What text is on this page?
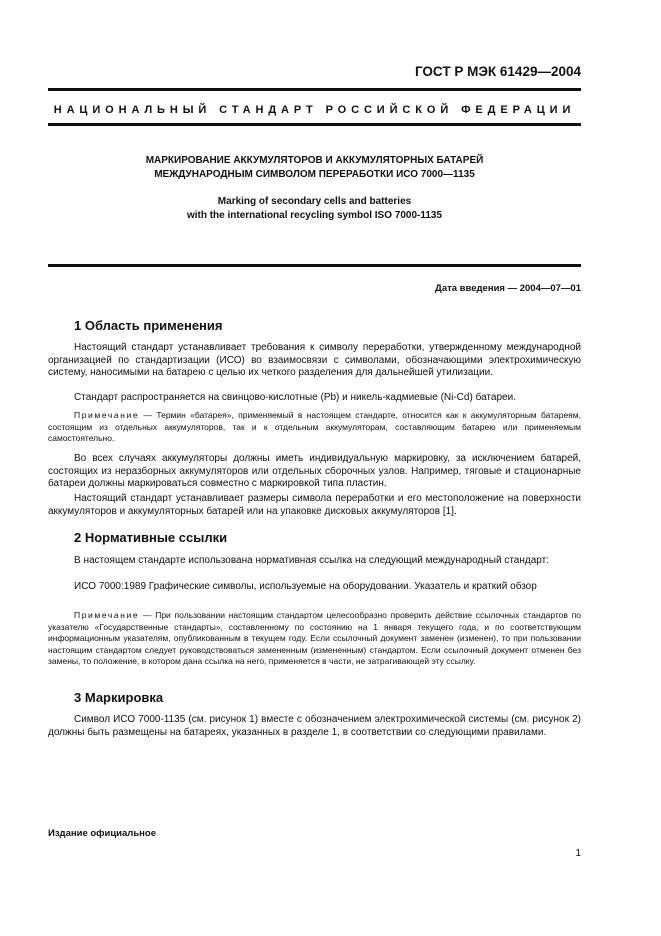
ГОСТ Р МЭК 61429—2004
НАЦИОНАЛЬНЫЙ СТАНДАРТ РОССИЙСКОЙ ФЕДЕРАЦИИ
МАРКИРОВАНИЕ АККУМУЛЯТОРОВ И АККУМУЛЯТОРНЫХ БАТАРЕЙ
МЕЖДУНАРОДНЫМ СИМВОЛОМ ПЕРЕРАБОТКИ ИСО 7000—1135
Marking of secondary cells and batteries
with the international recycling symbol ISO 7000-1135
Дата введения — 2004—07—01
1 Область применения

Настоящий стандарт устанавливает требования к символу переработки, утвержденному международной организацией по стандартизации (ИСО) во взаимосвязи с символами, обозначающими электрохимическую систему, наносимыми на батарею с целью их четкого разделения для дальнейшей утилизации.

Стандарт распространяется на свинцово-кислотные (Pb) и никель-кадмиевые (Ni-Cd) батареи.

Примечание — Термин «батарея», применяемый в настоящем стандарте, относится как к аккумуляторным батареям, состоящим из отдельных аккумуляторов, так и к отдельным аккумуляторам, составляющим батарею или применяемым самостоятельно.

Во всех случаях аккумуляторы должны иметь индивидуальную маркировку, за исключением батарей, состоящих из неразборных аккумуляторов или отдельных сборочных узлов. Например, тяговые и стационарные батареи должны маркироваться совместно с маркировкой типа пластин.

Настоящий стандарт устанавливает размеры символа переработки и его местоположение на поверхности аккумуляторов и аккумуляторных батарей или на упаковке дисковых аккумуляторов [1].

2 Нормативные ссылки

В настоящем стандарте использована нормативная ссылка на следующий международный стандарт:

ИСО 7000:1989 Графические символы, используемые на оборудовании. Указатель и краткий обзор

Примечание — При пользовании настоящим стандартом целесообразно проверить действие ссылочных стандартов по указателю «Государственные стандарты», составленному по состоянию на 1 января текущего года, и по соответствующим информационным указателям, опубликованным в текущем году. Если ссылочный документ заменен (изменен), то при пользовании настоящим стандартом следует руководствоваться замененным (измененным) стандартом. Если ссылочный документ отменен без замены, то положение, в котором дана ссылка на него, применяется в части, не затрагивающей эту ссылку.

3 Маркировка

Символ ИСО 7000-1135 (см. рисунок 1) вместе с обозначением электрохимической системы (см. рисунок 2) должны быть размещены на батареях, указанных в разделе 1, в соответствии со следующими правилами.

Издание официальное
1
